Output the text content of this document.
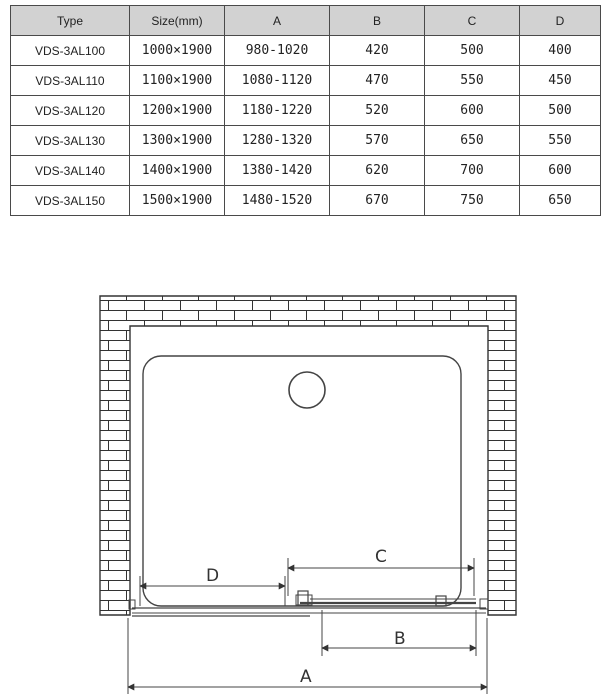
Type	Size(mm)	A	B	C	D
VDS-3AL100	1000×1900	980-1020	420	500	400
VDS-3AL110	1100×1900	1080-1120	470	550	450
VDS-3AL120	1200×1900	1180-1220	520	600	500
VDS-3AL130	1300×1900	1280-1320	570	650	550
VDS-3AL140	1400×1900	1380-1420	620	700	600
VDS-3AL150	1500×1900	1480-1520	670	750	650
D
C
B
A
